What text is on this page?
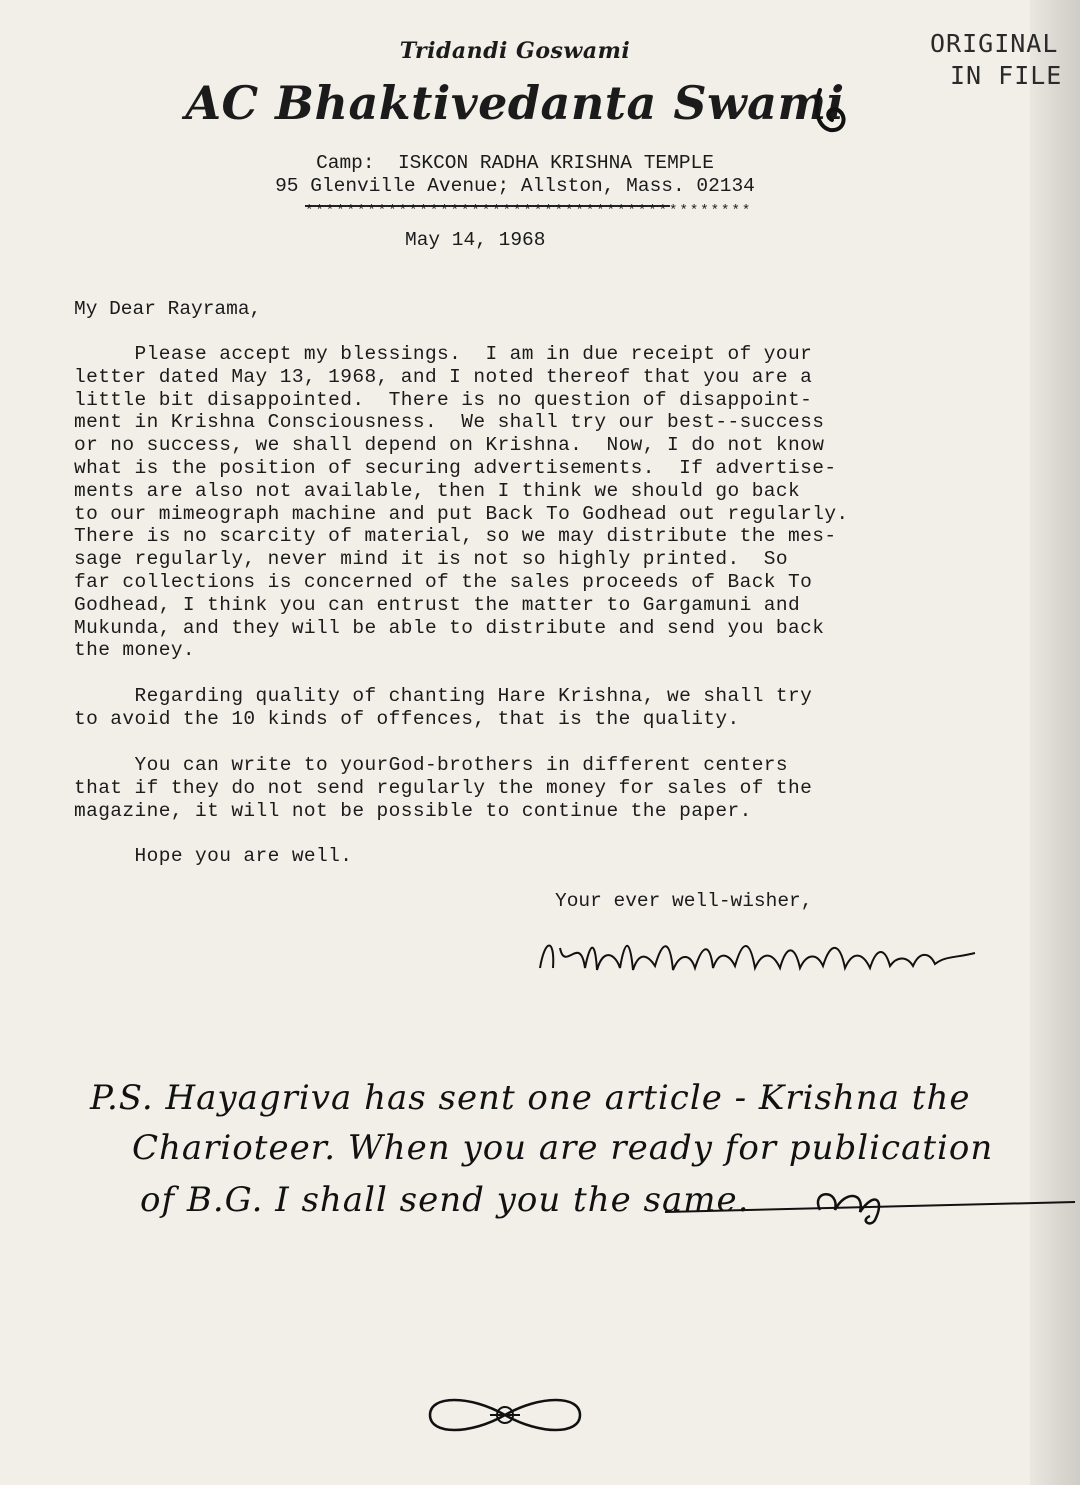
ORIGINAL
IN FILE
Tridandi Goswami
AC Bhaktivedanta Swami
Camp:  ISKCON RADHA KRISHNA TEMPLE
95 Glenville Avenue; Allston, Mass. 02134
*******************************************
May 14, 1968
My Dear Rayrama,
Please accept my blessings.  I am in due receipt of your
letter dated May 13, 1968, and I noted thereof that you are a
little bit disappointed.  There is no question of disappoint-
ment in Krishna Consciousness.  We shall try our best--success
or no success, we shall depend on Krishna.  Now, I do not know
what is the position of securing advertisements.  If advertise-
ments are also not available, then I think we should go back
to our mimeograph machine and put Back To Godhead out regularly.
There is no scarcity of material, so we may distribute the mes-
sage regularly, never mind it is not so highly printed.  So
far collections is concerned of the sales proceeds of Back To
Godhead, I think you can entrust the matter to Gargamuni and
Mukunda, and they will be able to distribute and send you back
the money.
Regarding quality of chanting Hare Krishna, we shall try
to avoid the 10 kinds of offences, that is the quality.
You can write to yourGod-brothers in different centers
that if they do not send regularly the money for sales of the
magazine, it will not be possible to continue the paper.
Hope you are well.
Your ever well-wisher,
P.S. Hayagriva has sent one article - Krishna the
Charioteer. When you are ready for publication
of B.G. I shall send you the same.
